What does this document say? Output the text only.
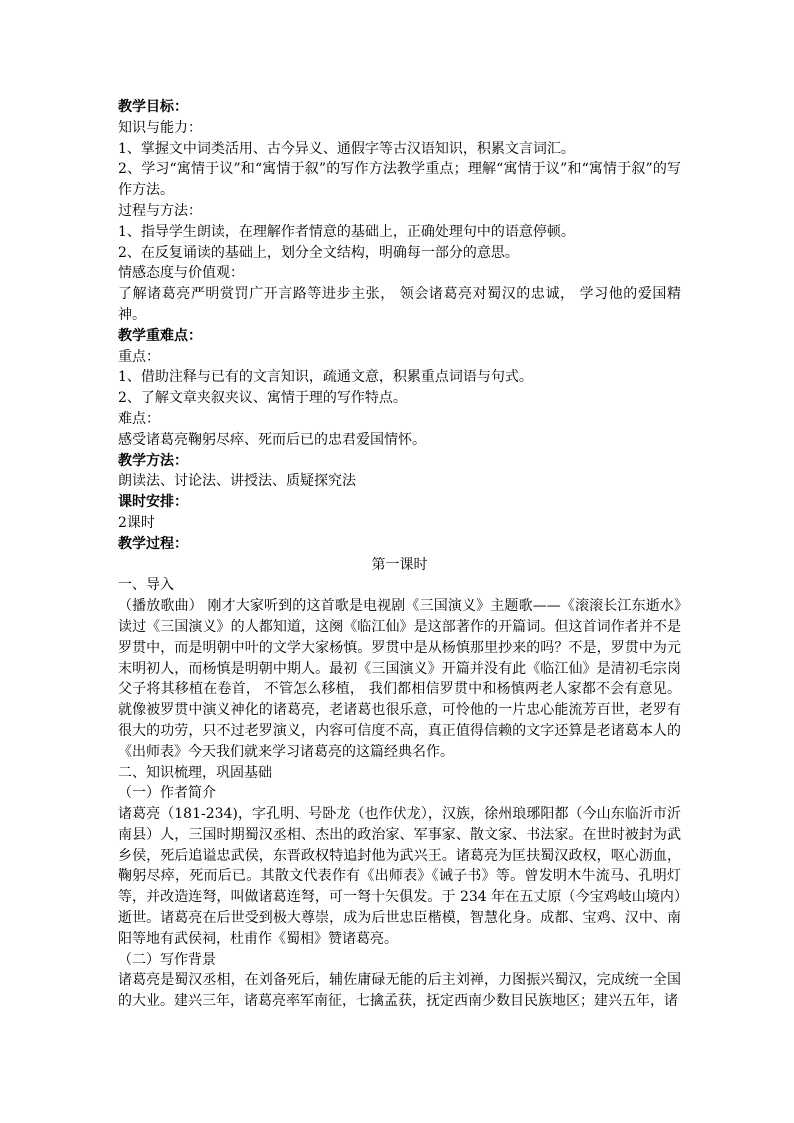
教学目标：

知识与能力：

1、掌握文中词类活用、古今异义、通假字等古汉语知识，积累文言词汇。

2、学习“寓情于议”和“寓情于叙”的写作方法教学重点；理解“寓情于议”和“寓情于叙”的写作方法。

过程与方法：

1、指导学生朗读，在理解作者情意的基础上，正确处理句中的语意停顿。

2、在反复诵读的基础上，划分全文结构，明确每一部分的意思。

情感态度与价值观：

了解诸葛亮严明赏罚广开言路等进步主张， 领会诸葛亮对蜀汉的忠诚， 学习他的爱国精神。

教学重难点：

重点：

1、借助注释与已有的文言知识，疏通文意，积累重点词语与句式。

2、了解文章夹叙夹议、寓情于理的写作特点。

难点：

感受诸葛亮鞠躬尽瘁、死而后已的忠君爱国情怀。

教学方法：

朗读法、讨论法、讲授法、质疑探究法

课时安排：

2课时

教学过程：

第一课时

一、导入

（播放歌曲） 刚才大家听到的这首歌是电视剧《三国演义》主题歌——《滚滚长江东逝水》读过《三国演义》的人都知道，这阕《临江仙》是这部著作的开篇词。但这首词作者并不是罗贯中，而是明朝中叶的文学大家杨慎。罗贯中是从杨慎那里抄来的吗？不是，罗贯中为元末明初人，而杨慎是明朝中期人。最初《三国演义》开篇并没有此《临江仙》是清初毛宗岗父子将其移植在卷首， 不管怎么移植， 我们都相信罗贯中和杨慎两老人家都不会有意见。就像被罗贯中演义神化的诸葛亮，老诸葛也很乐意，可怜他的一片忠心能流芳百世，老罗有很大的功劳，只不过老罗演义，内容可信度不高，真正值得信赖的文字还算是老诸葛本人的《出师表》今天我们就来学习诸葛亮的这篇经典名作。

二、知识梳理，巩固基础

（一）作者简介

诸葛亮（181-234)，字孔明、号卧龙（也作伏龙），汉族，徐州琅琊阳都（今山东临沂市沂南县）人，三国时期蜀汉丞相、杰出的政治家、军事家、散文家、书法家。在世时被封为武乡侯，死后追谥忠武侯，东晋政权特追封他为武兴王。诸葛亮为匡扶蜀汉政权，呕心沥血，鞠躬尽瘁，死而后已。其散文代表作有《出师表》《诫子书》等。曾发明木牛流马、孔明灯等，并改造连弩，叫做诸葛连弩，可一弩十矢俱发。于 234 年在五丈原（今宝鸡岐山境内）逝世。诸葛亮在后世受到极大尊崇，成为后世忠臣楷模，智慧化身。成都、宝鸡、汉中、南阳等地有武侯祠，杜甫作《蜀相》赞诸葛亮。

（二）写作背景

诸葛亮是蜀汉丞相，在刘备死后，辅佐庸碌无能的后主刘禅，力图振兴蜀汉，完成统一全国的大业。建兴三年，诸葛亮率军南征，七擒孟获，抚定西南少数目民族地区；建兴五年，诸
